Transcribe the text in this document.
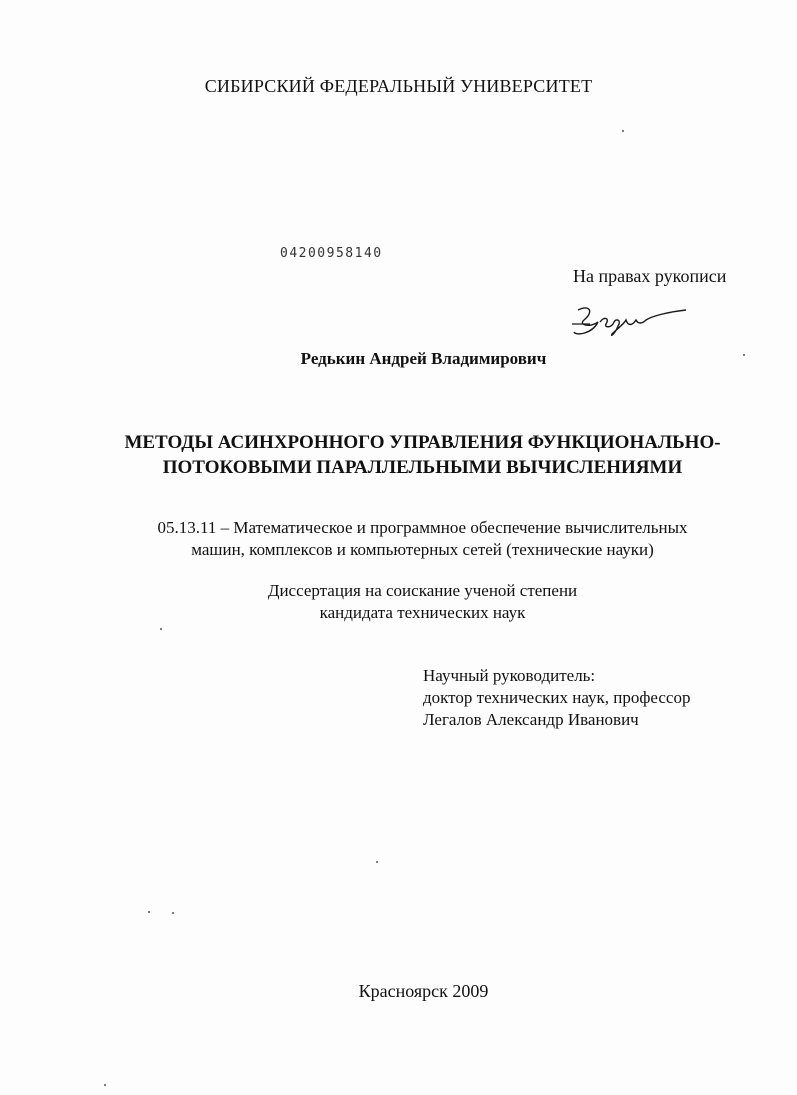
СИБИРСКИЙ ФЕДЕРАЛЬНЫЙ УНИВЕРСИТЕТ
04200958140
На правах рукописи
Редькин Андрей Владимирович
МЕТОДЫ АСИНХРОННОГО УПРАВЛЕНИЯ ФУНКЦИОНАЛЬНО-
ПОТОКОВЫМИ ПАРАЛЛЕЛЬНЫМИ ВЫЧИСЛЕНИЯМИ
05.13.11 – Математическое и программное обеспечение вычислительных
машин, комплексов и компьютерных сетей (технические науки)
Диссертация на соискание ученой степени
кандидата технических наук
Научный руководитель:
доктор технических наук, профессор
Легалов Александр Иванович
Красноярск 2009
